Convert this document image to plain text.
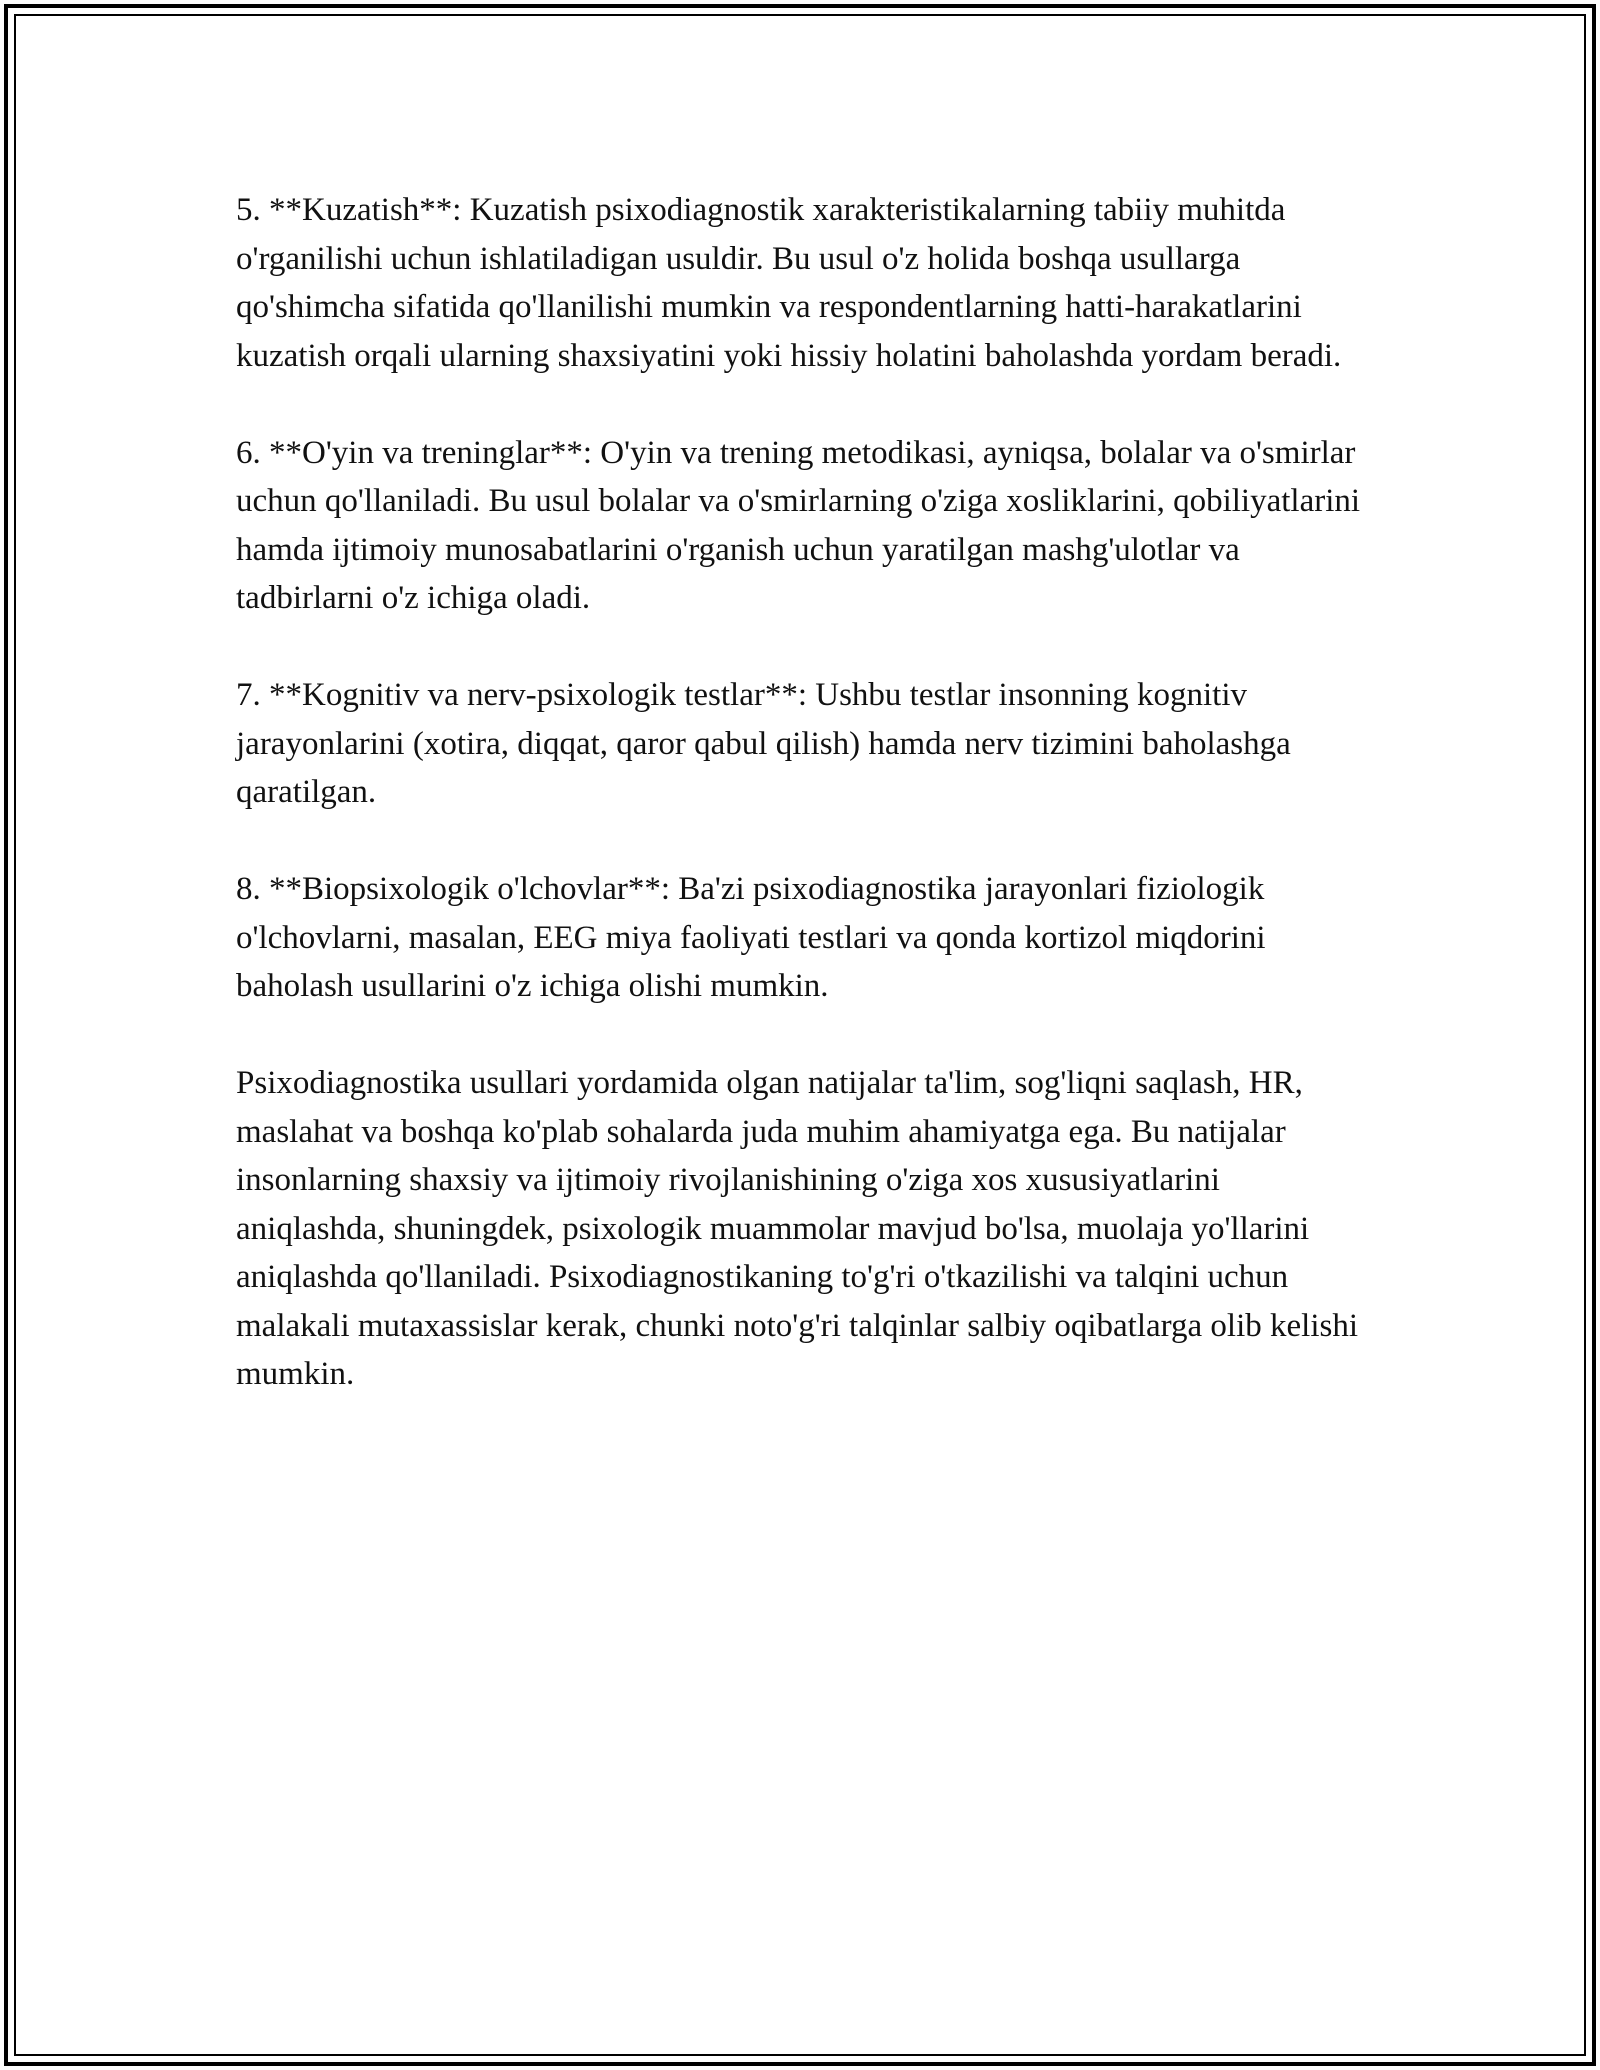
5. **Kuzatish**: Kuzatish psixodiagnostik xarakteristikalarning tabiiy muhitda o'rganilishi uchun ishlatiladigan usuldir. Bu usul o'z holida boshqa usullarga qo'shimcha sifatida qo'llanilishi mumkin va respondentlarning hatti-harakatlarini kuzatish orqali ularning shaxsiyatini yoki hissiy holatini baholashda yordam beradi.

6. **O'yin va treninglar**: O'yin va trening metodikasi, ayniqsa, bolalar va o'smirlar uchun qo'llaniladi. Bu usul bolalar va o'smirlarning o'ziga xosliklarini, qobiliyatlarini hamda ijtimoiy munosabatlarini o'rganish uchun yaratilgan mashg'ulotlar va tadbirlarni o'z ichiga oladi.

7. **Kognitiv va nerv-psixologik testlar**: Ushbu testlar insonning kognitiv jarayonlarini (xotira, diqqat, qaror qabul qilish) hamda nerv tizimini baholashga qaratilgan.

8. **Biopsixologik o'lchovlar**: Ba'zi psixodiagnostika jarayonlari fiziologik o'lchovlarni, masalan, EEG miya faoliyati testlari va qonda kortizol miqdorini baholash usullarini o'z ichiga olishi mumkin.

Psixodiagnostika usullari yordamida olgan natijalar ta'lim, sog'liqni saqlash, HR, maslahat va boshqa ko'plab sohalarda juda muhim ahamiyatga ega. Bu natijalar insonlarning shaxsiy va ijtimoiy rivojlanishining o'ziga xos xususiyatlarini aniqlashda, shuningdek, psixologik muammolar mavjud bo'lsa, muolaja yo'llarini aniqlashda qo'llaniladi. Psixodiagnostikaning to'g'ri o'tkazilishi va talqini uchun malakali mutaxassislar kerak, chunki noto'g'ri talqinlar salbiy oqibatlarga olib kelishi mumkin.
